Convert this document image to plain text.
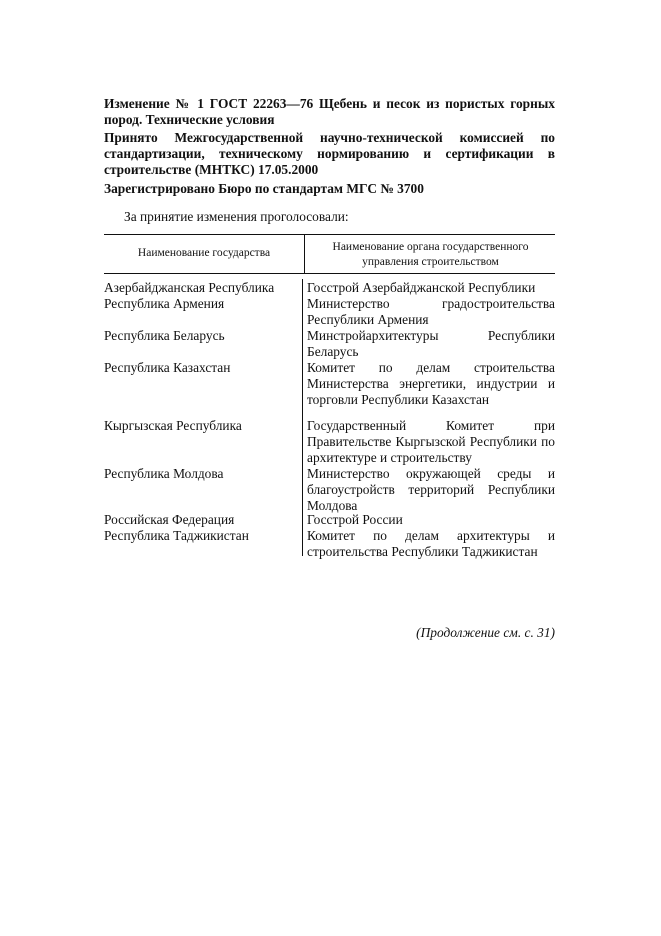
Изменение № 1 ГОСТ 22263—76 Щебень и песок из пористых горных пород. Технические условия

Принято Межгосударственной научно-технической комиссией по стандартизации, техническому нормированию и сертификации в строительстве (МНТКС) 17.05.2000

Зарегистрировано Бюро по стандартам МГС № 3700

За принятие изменения проголосовали:

Наименование государства	Наименование органа государственного управления строительством

Азербайджанская Республика	Госстрой Азербайджанской Республики

Республика Армения	Министерство градостроительства Республики Армения

Республика Беларусь	Минстройархитектуры Республики Беларусь

Республика Казахстан	Комитет по делам строительства Министерства энергетики, индустрии и торговли Республики Казахстан

Кыргызская Республика	Государственный Комитет при Правительстве Кыргызской Республики по архитектуре и строительству

Республика Молдова	Министерство окружающей среды и благоустройств территорий Республики Молдова

Российская Федерация	Госстрой России

Республика Таджикистан	Комитет по делам архитектуры и строительства Республики Таджикистан

(Продолжение см. с. 31)
